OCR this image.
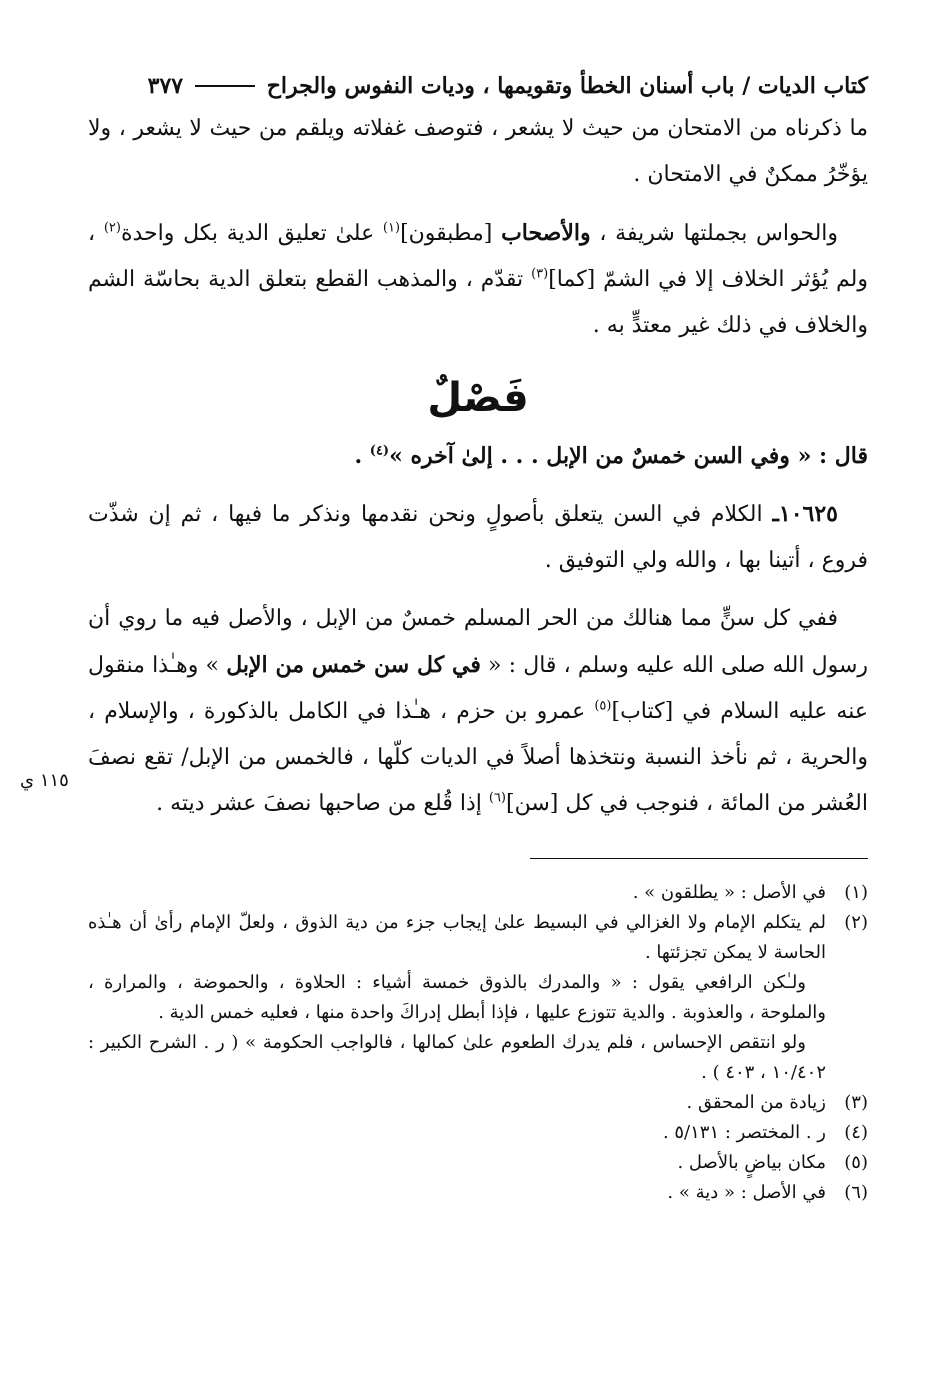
كتاب الديات / باب أسنان الخطأ وتقويمها ، وديات النفوس والجراح
٣٧٧

ما ذكرناه من الامتحان من حيث لا يشعر ، فتوصف غفلاته ويلقم من حيث لا يشعر ، ولا يؤخّرُ ممكنٌ في الامتحان .

والحواس بجملتها شريفة ، والأصحاب [مطبقون]$^{(١)}$ علىٰ تعليق الدية بكل واحدة$^{(٢)}$ ، ولم يُؤثر الخلاف إلا في الشمّ [كما]$^{(٣)}$ تقدّم ، والمذهب القطع بتعلق الدية بحاسّة الشم والخلاف في ذلك غير معتدٍّ به .

فَصْلٌ

قال : « وفي السن خمسٌ من الإبل . . . إلىٰ آخره »$^{(٤)}$ .

١٠٦٢٥ـ الكلام في السن يتعلق بأصولٍ ونحن نقدمها ونذكر ما فيها ، ثم إن شذّت فروع ، أتينا بها ، والله ولي التوفيق .

ففي كل سنٍّ مما هنالك من الحر المسلم خمسٌ من الإبل ، والأصل فيه ما روي أن رسول الله صلى الله عليه وسلم ، قال : « في كل سن خمس من الإبل » وهـٰذا منقول عنه عليه السلام في [كتاب]$^{(٥)}$ عمرو بن حزم ، هـٰذا في الكامل بالذكورة ، والإسلام ، والحرية ، ثم نأخذ النسبة ونتخذها أصلاً في الديات كلّها ، فالخمس من الإبل/ تقع نصفَ العُشر من المائة ، فنوجب في كل [سن]$^{(٦)}$ إذا قُلع من صاحبها نصفَ عشر ديته .

١١٥ ي
(١)
في الأصل : « يطلقون » .
(٢)
لم يتكلم الإمام ولا الغزالي في البسيط علىٰ إيجاب جزء من دية الذوق ، ولعلّ الإمام رأىٰ أن هـٰذه الحاسة لا يمكن تجزئتها .
ولـٰكن الرافعي يقول : « والمدرك بالذوق خمسة أشياء : الحلاوة ، والحموضة ، والمرارة ، والملوحة ، والعذوبة . والدية تتوزع عليها ، فإذا أبطل إدراكَ واحدة منها ، فعليه خمس الدية .
ولو انتقص الإحساس ، فلم يدرك الطعوم علىٰ كمالها ، فالواجب الحكومة » ( ر . الشرح الكبير : ١٠/٤٠٢ ، ٤٠٣ ) .
(٣)
زيادة من المحقق .
(٤)
ر . المختصر : ٥/١٣١ .
(٥)
مكان بياضٍ بالأصل .
(٦)
في الأصل : « دية » .
